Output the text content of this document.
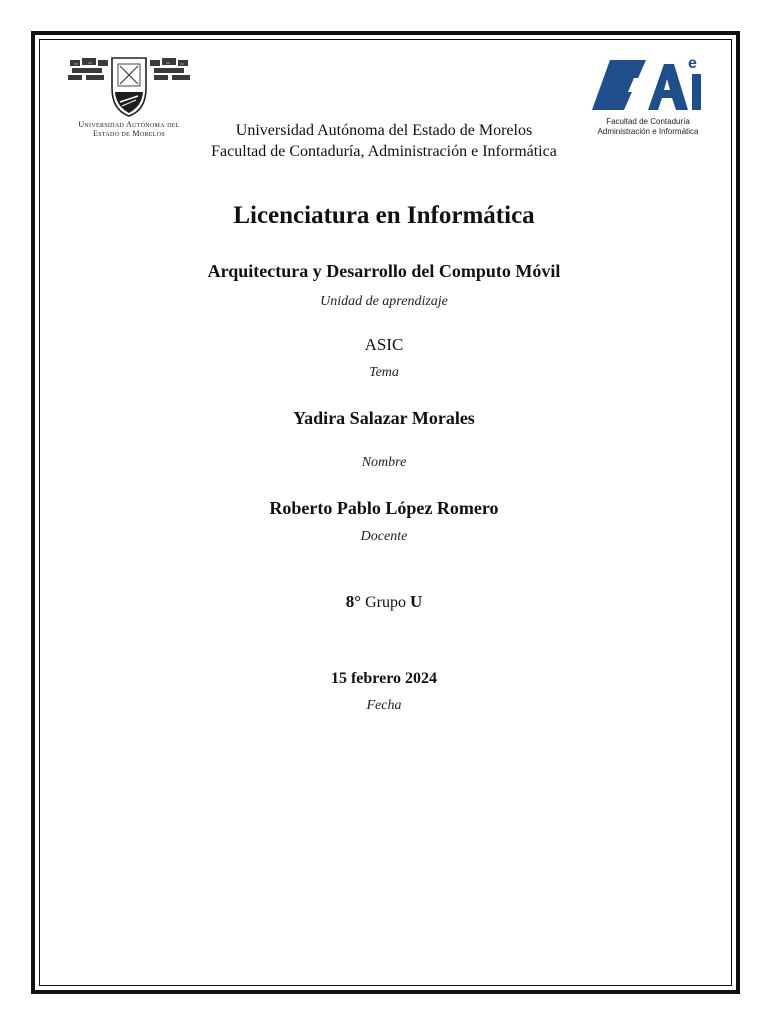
Universidad Autónoma del
Estado de Morelos
e
Facultad de Contaduría
Administración e Informática
Universidad Autónoma del Estado de Morelos
Facultad de Contaduría, Administración e Informática
Licenciatura en Informática
Arquitectura y Desarrollo del Computo Móvil
Unidad de aprendizaje
ASIC
Tema
Yadira Salazar Morales
Nombre
Roberto Pablo López Romero
Docente
8° Grupo U
15 febrero 2024
Fecha
